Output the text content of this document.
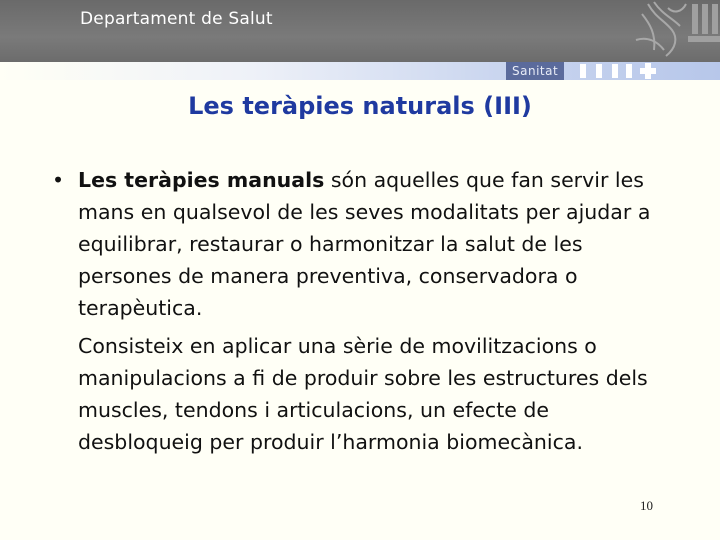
Departament de Salut
Sanitat
Les teràpies naturals (III)

• Les teràpies manuals són aquelles que fan servir les mans en qualsevol de les seves modalitats per ajudar a equilibrar, restaurar o harmonitzar la salut de les persones de manera preventiva, conservadora o terapèutica.

Consisteix en aplicar una sèrie de movilitzacions o manipulacions a fi de produir sobre les estructures dels muscles, tendons i articulacions, un efecte de desbloqueig per produir l’harmonia biomecànica.

10
